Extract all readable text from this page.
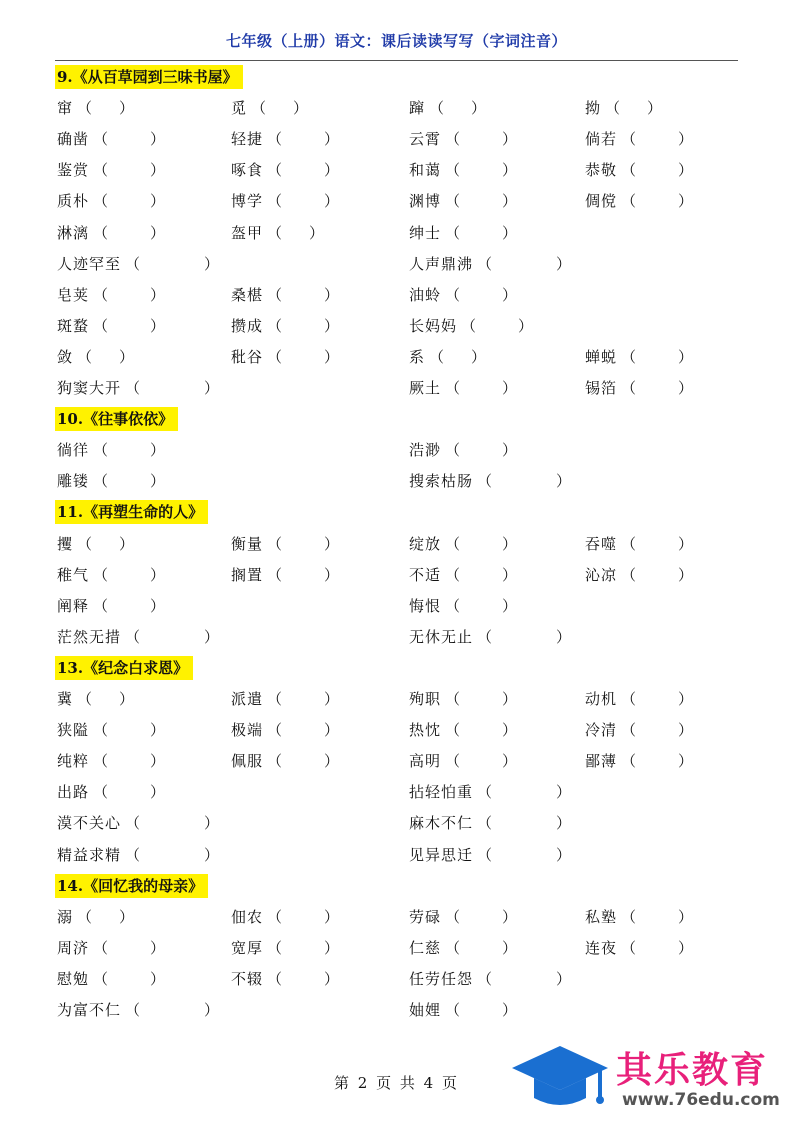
七年级（上册）语文：课后读读写写（字词注音）
9.《从百草园到三味书屋》
窜 （ ）	觅 （ ）	蹿 （ ）	拗 （ ）
确凿 （	）	轻捷 （	）	云霄 （	）	倘若 （	）
鉴赏 （	）	啄食 （	）	和蔼 （	）	恭敬 （	）
质朴 （	）	博学 （	）	渊博 （	）	倜傥 （	）
淋漓 （	）	盔甲 （ ）	绅士 （	）
人迹罕至 （	）	人声鼎沸 （	）
皂荚 （	）	桑椹 （	）	油蛉 （	）
斑蝥 （	）	攒成 （	）	长妈妈 （	）
敛 （ ）	秕谷 （	）	系 （ ）	蝉蜕 （	）
狗窦大开 （	）	厥土 （	）	锡箔 （	）
10.《往事依依》
徜徉 （	）	浩渺 （	）
雕镂 （	）	搜索枯肠 （	）
11.《再塑生命的人》
攫 （ ）	衡量 （	）	绽放 （	）	吞噬 （	）
稚气 （	）	搁置 （	）	不适 （	）	沁凉 （	）
阐释 （	）	悔恨 （	）
茫然无措 （	）	无休无止 （	）
13.《纪念白求恩》
冀 （ ）	派遣 （	）	殉职 （	）	动机 （	）
狭隘 （	）	极端 （	）	热忱 （	）	冷清 （	）
纯粹 （	）	佩服 （	）	高明 （	）	鄙薄 （	）
出路 （	）	拈轻怕重 （	）
漠不关心 （	）	麻木不仁 （	）
精益求精 （	）	见异思迁 （	）
14.《回忆我的母亲》
溺 （ ）	佃农 （	）	劳碌 （	）	私塾 （	）
周济 （	）	宽厚 （	）	仁慈 （	）	连夜 （	）
慰勉 （	）	不辍 （	）	任劳任怨 （	）
为富不仁 （	）	妯娌 （	）
第 2 页 共 4 页	其乐教育
www.76edu.com
